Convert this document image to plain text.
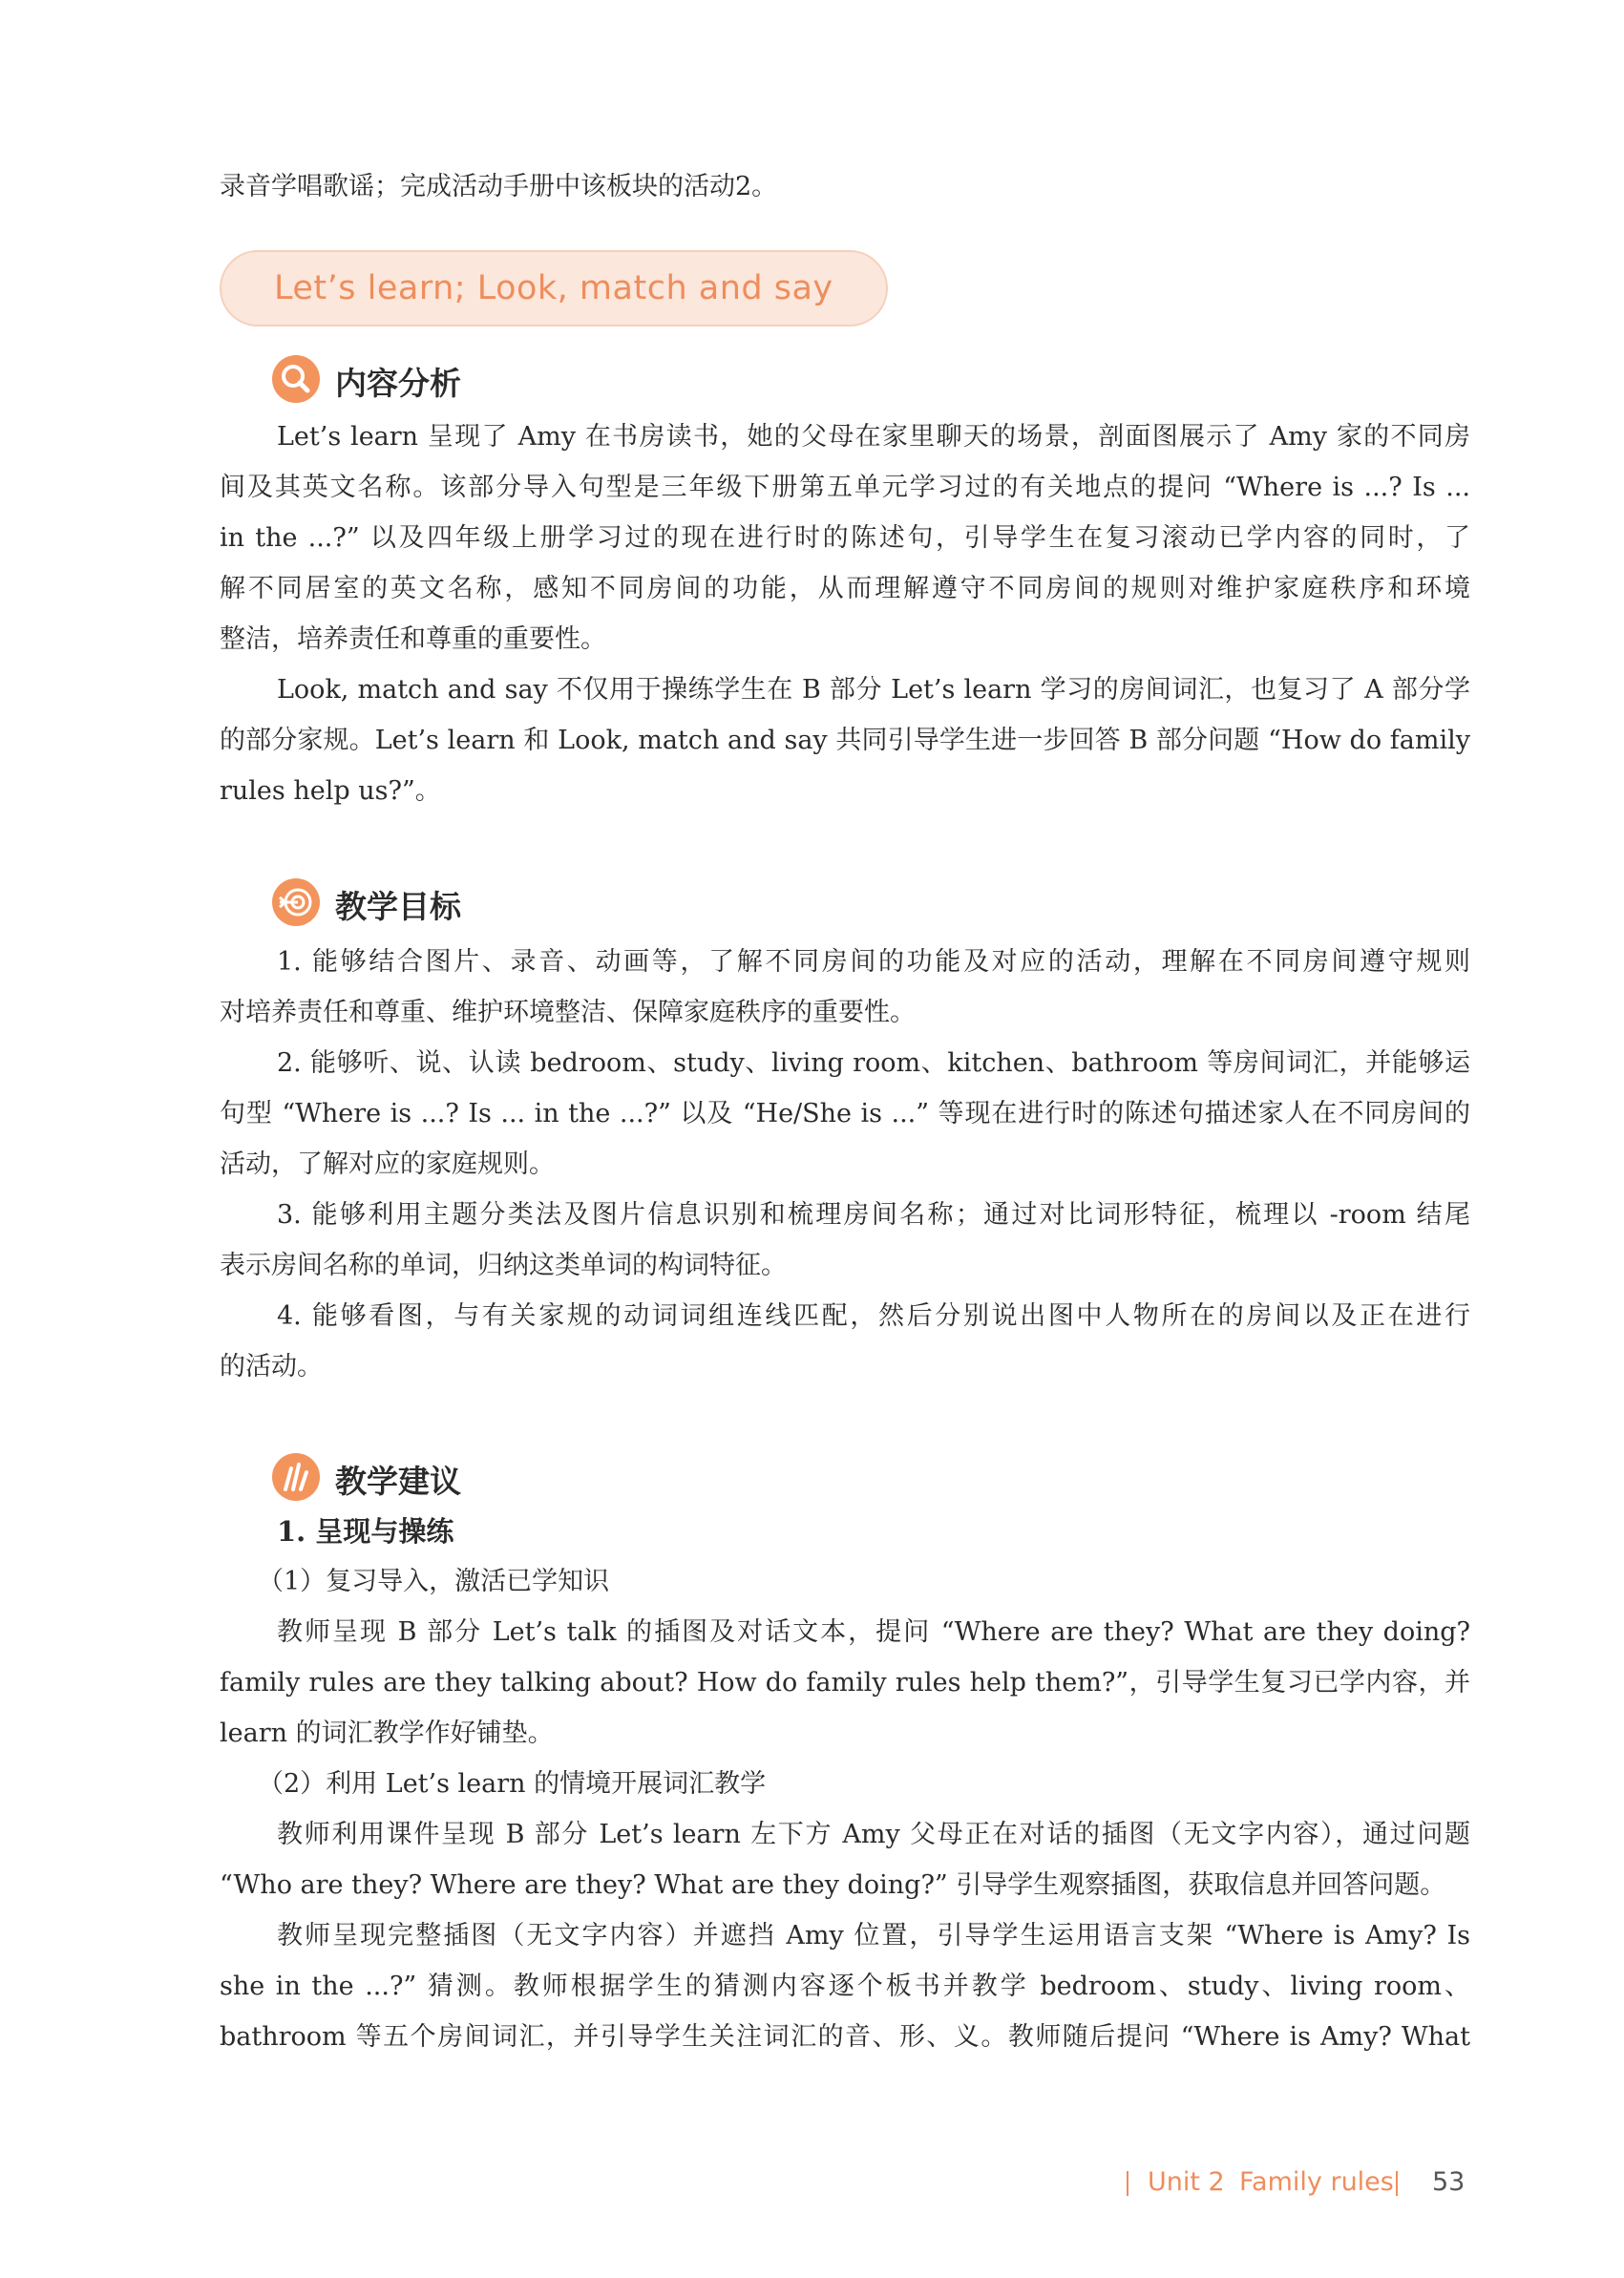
录音学唱歌谣；完成活动手册中该板块的活动2。
Let’s learn; Look, match and say
内容分析
Let’s learn 呈现了 Amy 在书房读书，她的父母在家里聊天的场景，剖面图展示了 Amy 家的不同房
间及其英文名称。该部分导入句型是三年级下册第五单元学习过的有关地点的提问 “Where is ...? Is ...
in the ...?” 以及四年级上册学习过的现在进行时的陈述句，引导学生在复习滚动已学内容的同时，了
解不同居室的英文名称，感知不同房间的功能，从而理解遵守不同房间的规则对维护家庭秩序和环境
整洁，培养责任和尊重的重要性。
Look, match and say 不仅用于操练学生在 B 部分 Let’s learn 学习的房间词汇，也复习了 A 部分学
的部分家规。Let’s learn 和 Look, match and say 共同引导学生进一步回答 B 部分问题 “How do family
rules help us?”。
教学目标
1. 能够结合图片、录音、动画等，了解不同房间的功能及对应的活动，理解在不同房间遵守规则
对培养责任和尊重、维护环境整洁、保障家庭秩序的重要性。
2. 能够听、说、认读 bedroom、study、living room、kitchen、bathroom 等房间词汇，并能够运
句型 “Where is ...? Is ... in the ...?” 以及 “He/She is ...” 等现在进行时的陈述句描述家人在不同房间的
活动，了解对应的家庭规则。
3. 能够利用主题分类法及图片信息识别和梳理房间名称；通过对比词形特征，梳理以 -room 结尾
表示房间名称的单词，归纳这类单词的构词特征。
4. 能够看图，与有关家规的动词词组连线匹配，然后分别说出图中人物所在的房间以及正在进行
的活动。
教学建议
1. 呈现与操练
（1）复习导入，激活已学知识
教师呈现 B 部分 Let’s talk 的插图及对话文本，提问 “Where are they? What are they doing?
family rules are they talking about? How do family rules help them?”，引导学生复习已学内容，并
learn 的词汇教学作好铺垫。
（2）利用 Let’s learn 的情境开展词汇教学
教师利用课件呈现 B 部分 Let’s learn 左下方 Amy 父母正在对话的插图（无文字内容），通过问题
“Who are they? Where are they? What are they doing?” 引导学生观察插图，获取信息并回答问题。
教师呈现完整插图（无文字内容）并遮挡 Amy 位置，引导学生运用语言支架 “Where is Amy? Is
she in the ...?” 猜测。教师根据学生的猜测内容逐个板书并教学 bedroom、study、living room、
bathroom 等五个房间词汇，并引导学生关注词汇的音、形、义。教师随后提问 “Where is Amy? What
Unit 2 Family rules 53
